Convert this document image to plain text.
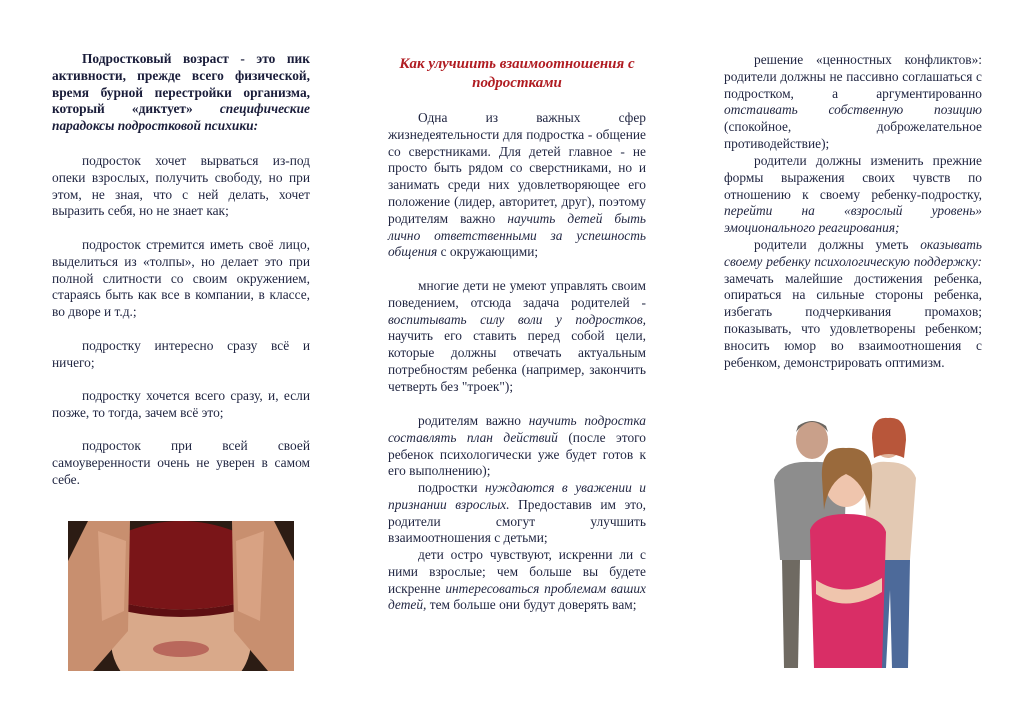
Подростковый возраст - это пик активности, прежде всего физической, время бурной перестройки организма, который «диктует» специфические парадоксы подростковой психики:

подросток хочет вырваться из-под опеки взрослых, получить свободу, но при этом, не зная, что с ней делать, хочет выразить себя, но не знает как;

подросток стремится иметь своё лицо, выделиться из «толпы», но делает это при полной слитности со своим окружением, стараясь быть как все в компании, в классе, во дворе и т.д.;

подростку интересно сразу всё и ничего;

подростку хочется всего сразу, и, если позже, то тогда, зачем всё это;

подросток при всей своей самоуверенности очень не уверен в самом себе.

Как улучшить взаимоотношения с подростками

Одна из важных сфер жизнедеятельности для подростка - общение со сверстниками. Для детей главное - не просто быть рядом со сверстниками, но и занимать среди них удовлетворяющее его положение (лидер, авторитет, друг), поэтому родителям важно научить детей быть лично ответственными за успешность общения с окружающими;

многие дети не умеют управлять своим поведением, отсюда задача родителей - воспитывать силу воли у подростков, научить его ставить перед собой цели, которые должны отвечать актуальным потребностям ребенка (например, закончить четверть без "троек");

родителям важно научить подростка составлять план действий (после этого ребенок психологически уже будет готов к его выполнению);

подростки нуждаются в уважении и признании взрослых. Предоставив им это, родители смогут улучшить взаимоотношения с детьми;

дети остро чувствуют, искренни ли с ними взрослые; чем больше вы будете искренне интересоваться проблемам ваших детей, тем больше они будут доверять вам;

решение «ценностных конфликтов»: родители должны не пассивно соглашаться с подростком, а аргументированно отстаивать собственную позицию (спокойное, доброжелательное противодействие);

родители должны изменить прежние формы выражения своих чувств по отношению к своему ребенку-подростку, перейти на «взрослый уровень» эмоционального реагирования;

родители должны уметь оказывать своему ребенку психологическую поддержку: замечать малейшие достижения ребенка, опираться на сильные стороны ребенка, избегать подчеркивания промахов; показывать, что удовлетворены ребенком; вносить юмор во взаимоотношения с ребенком, демонстрировать оптимизм.
